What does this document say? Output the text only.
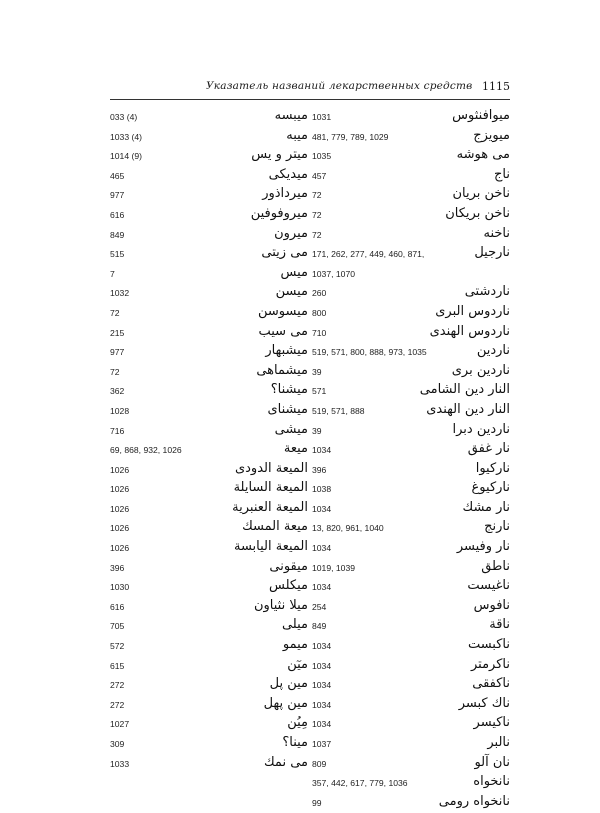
Указатель названий лекарственных средств 1115
033 (4)	میبسه
1033 (4)	میبه
1014 (9)	میتر و یس
465	میدیکی
977	میرداذور
616	میروفوفین
849	میرون
515	می زیتی
7	میس
1032	میسن
72	میسوسن
215	می سیب
977	میشبهار
72	میشماهی
362	میشنا؟
1028	میشنای
716	میشی
69, 868, 932, 1026	میعة
1026	المیعة الدودی
1026	المیعة السایلة
1026	المیعة العنبریة
1026	میعة المسك
1026	المیعة الیابسة
396	میقونی
1030	میکلس
616	میلا نثیاون
705	میلی
572	میمو
615	میٓن
272	مین پل
272	مین پهل
1027	مِیُن
309	مینا؟
1033	می نمك
1031	میوافنثوس
481, 779, 789, 1029	میویزج
1035	می هوشه
457	ناج
72	ناخن بریان
72	ناخن بریکان
72	ناخنه
171, 262, 277, 449, 460, 871,	نارجیل
1037, 1070
260	ناردشتی
800	ناردوس البری
710	ناردوس الهندی
519, 571, 800, 888, 973, 1035	ناردین
39	ناردین بری
571	النار دین الشامی
519, 571, 888	النار دین الهندی
39	ناردین دبرا
1034	نار غفق
396	نارکیوا
1038	نارکیوغ
1034	نار مشك
13, 820, 961, 1040	نارنج
1034	نار وفیسر
1019, 1039	ناطق
1034	ناغیست
254	نافوس
849	ناقة
1034	ناکبست
1034	ناکرمتر
1034	ناکفقی
1034	ناك کبسر
1034	ناکیسر
1037	نالبر
809	نان آلو
357, 442, 617, 779, 1036	نانخواه
99	نانخواه رومی
